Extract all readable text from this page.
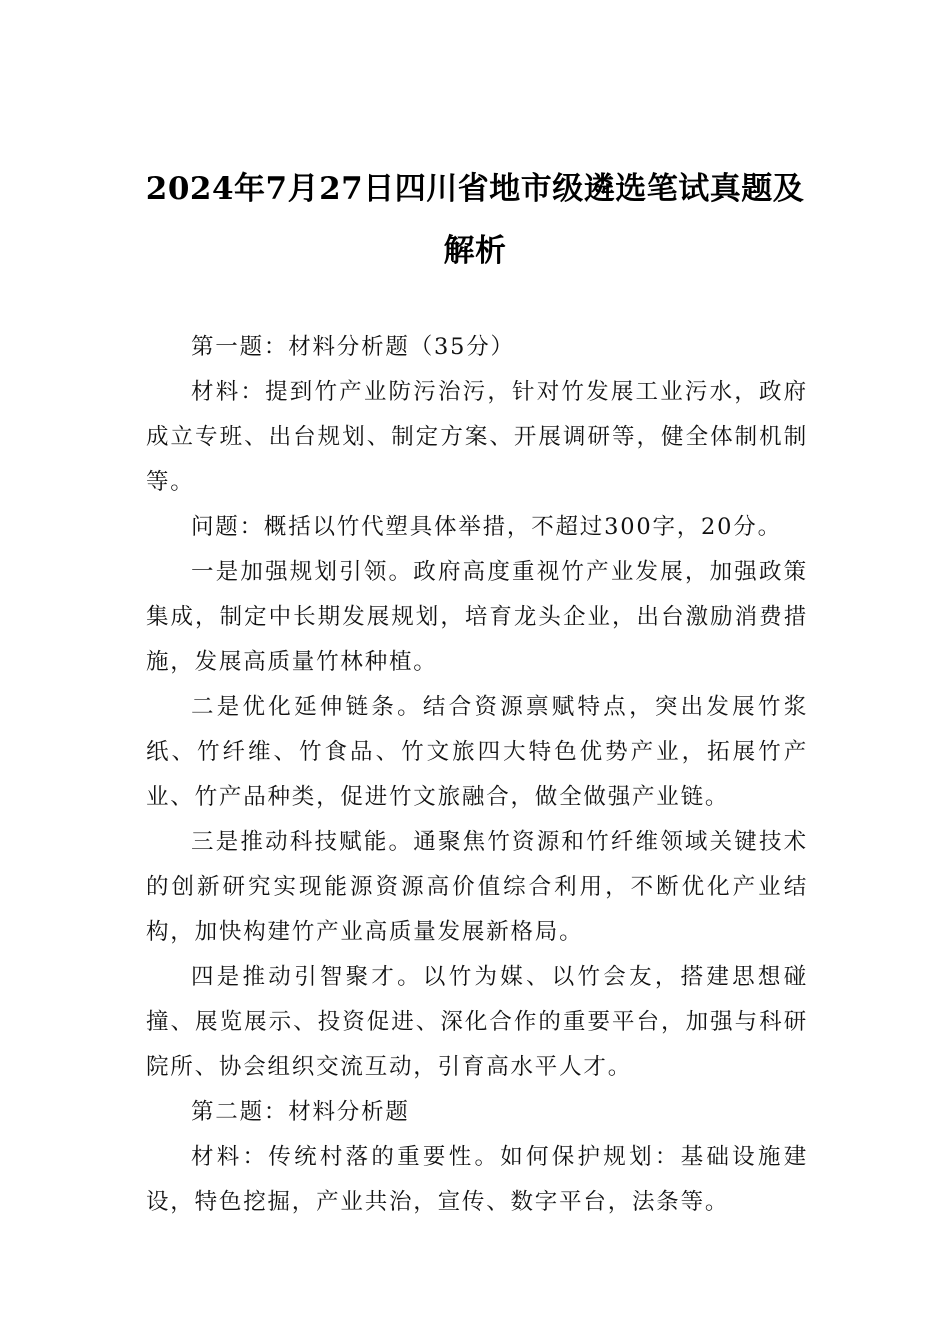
2024年7月27日四川省地市级遴选笔试真题及解析

第一题：材料分析题（35分）

材料：提到竹产业防污治污，针对竹发展工业污水，政府成立专班、出台规划、制定方案、开展调研等，健全体制机制等。

问题：概括以竹代塑具体举措，不超过300字，20分。

一是加强规划引领。政府高度重视竹产业发展，加强政策集成，制定中长期发展规划，培育龙头企业，出台激励消费措施，发展高质量竹林种植。

二是优化延伸链条。结合资源禀赋特点，突出发展竹浆纸、竹纤维、竹食品、竹文旅四大特色优势产业，拓展竹产业、竹产品种类，促进竹文旅融合，做全做强产业链。

三是推动科技赋能。通聚焦竹资源和竹纤维领域关键技术的创新研究实现能源资源高价值综合利用，不断优化产业结构，加快构建竹产业高质量发展新格局。

四是推动引智聚才。以竹为媒、以竹会友，搭建思想碰撞、展览展示、投资促进、深化合作的重要平台，加强与科研院所、协会组织交流互动，引育高水平人才。

第二题：材料分析题

材料：传统村落的重要性。如何保护规划：基础设施建设，特色挖掘，产业共治，宣传、数字平台，法条等。
